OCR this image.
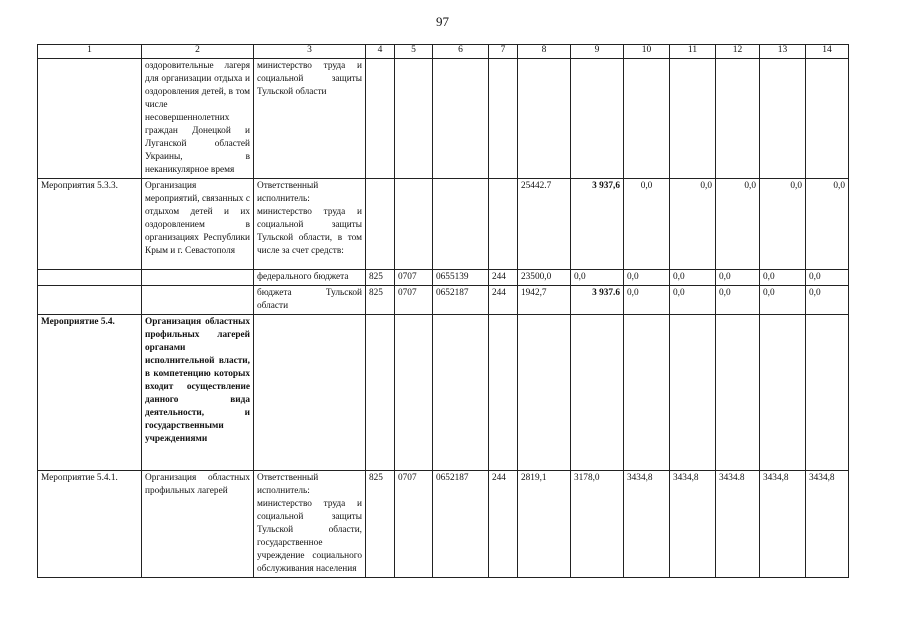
97
1	2	3	4	5	6	7	8	9	10	11	12	13	14
	оздоровительные лагеря для организации отдыха и оздоровления детей, в том числе несовершеннолетних граждан Донецкой и Луганской областей Украины, в неканикулярное время	министерство труда и социальной защиты Тульской области											
Мероприятия 5.3.3.	Организация мероприятий, связанных с отдыхом детей и их оздоровлением в организациях Республики Крым и г. Севастополя	Ответственный исполнитель: министерство труда и социальной защиты Тульской области, в том числе за счет средств:					25442.7	3 937,6	0,0	0,0	0,0	0,0	0,0
		федерального бюджета	825	0707	0655139	244	23500,0	0,0	0,0	0,0	0,0	0,0	0,0
		бюджета Тульской области	825	0707	0652187	244	1942,7	3 937.6	0,0	0,0	0,0	0,0	0,0
Мероприятие 5.4.	Организация областных профильных лагерей органами исполнительной власти, в компетенцию которых входит осуществление данного вида деятельности, и государственными учреждениями												
Мероприятие 5.4.1.	Организация областных профильных лагерей	Ответственный исполнитель: министерство труда и социальной защиты Тульской области, государственное учреждение социального обслуживания населения	825	0707	0652187	244	2819,1	3178,0	3434,8	3434,8	3434.8	3434,8	3434,8
